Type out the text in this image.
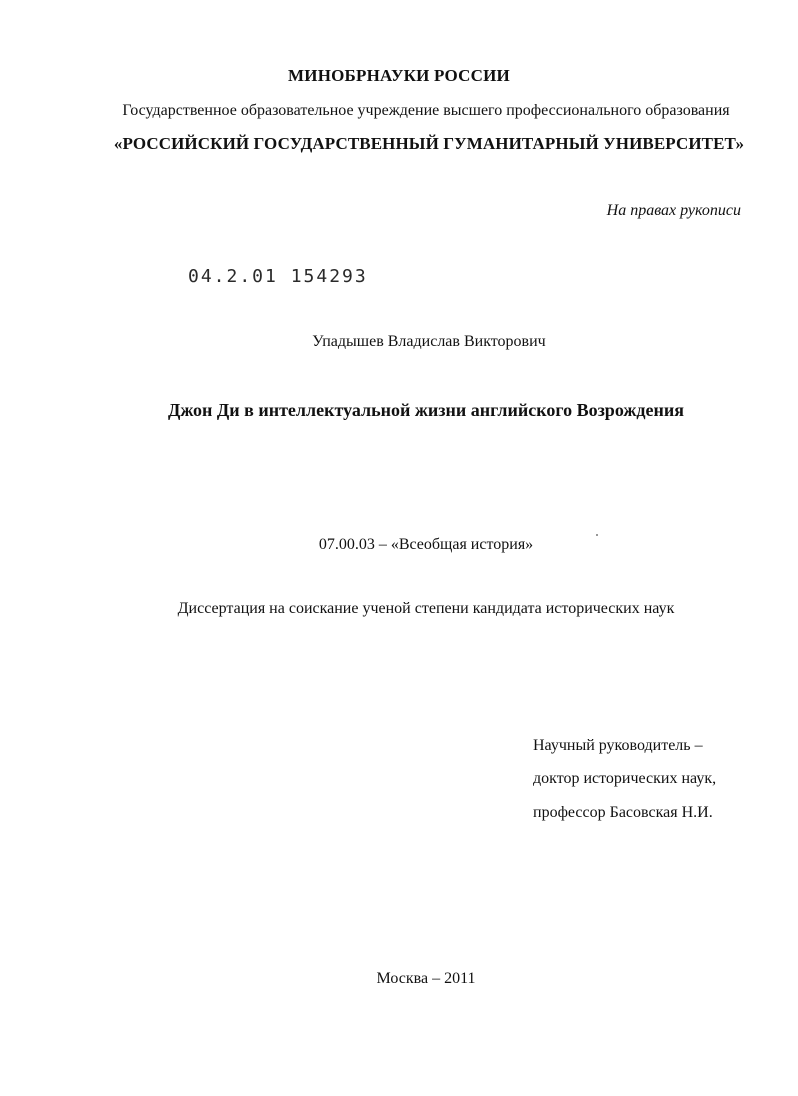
МИНОБРНАУКИ РОССИИ
Государственное образовательное учреждение высшего профессионального образования
«РОССИЙСКИЙ ГОСУДАРСТВЕННЫЙ ГУМАНИТАРНЫЙ УНИВЕРСИТЕТ»
На правах рукописи
04.2.01 154293
Упадышев Владислав Викторович
Джон Ди в интеллектуальной жизни английского Возрождения
07.00.03 – «Всеобщая история»
Диссертация на соискание ученой степени кандидата исторических наук
Научный руководитель –
доктор исторических наук,
профессор Басовская Н.И.
Москва – 2011
